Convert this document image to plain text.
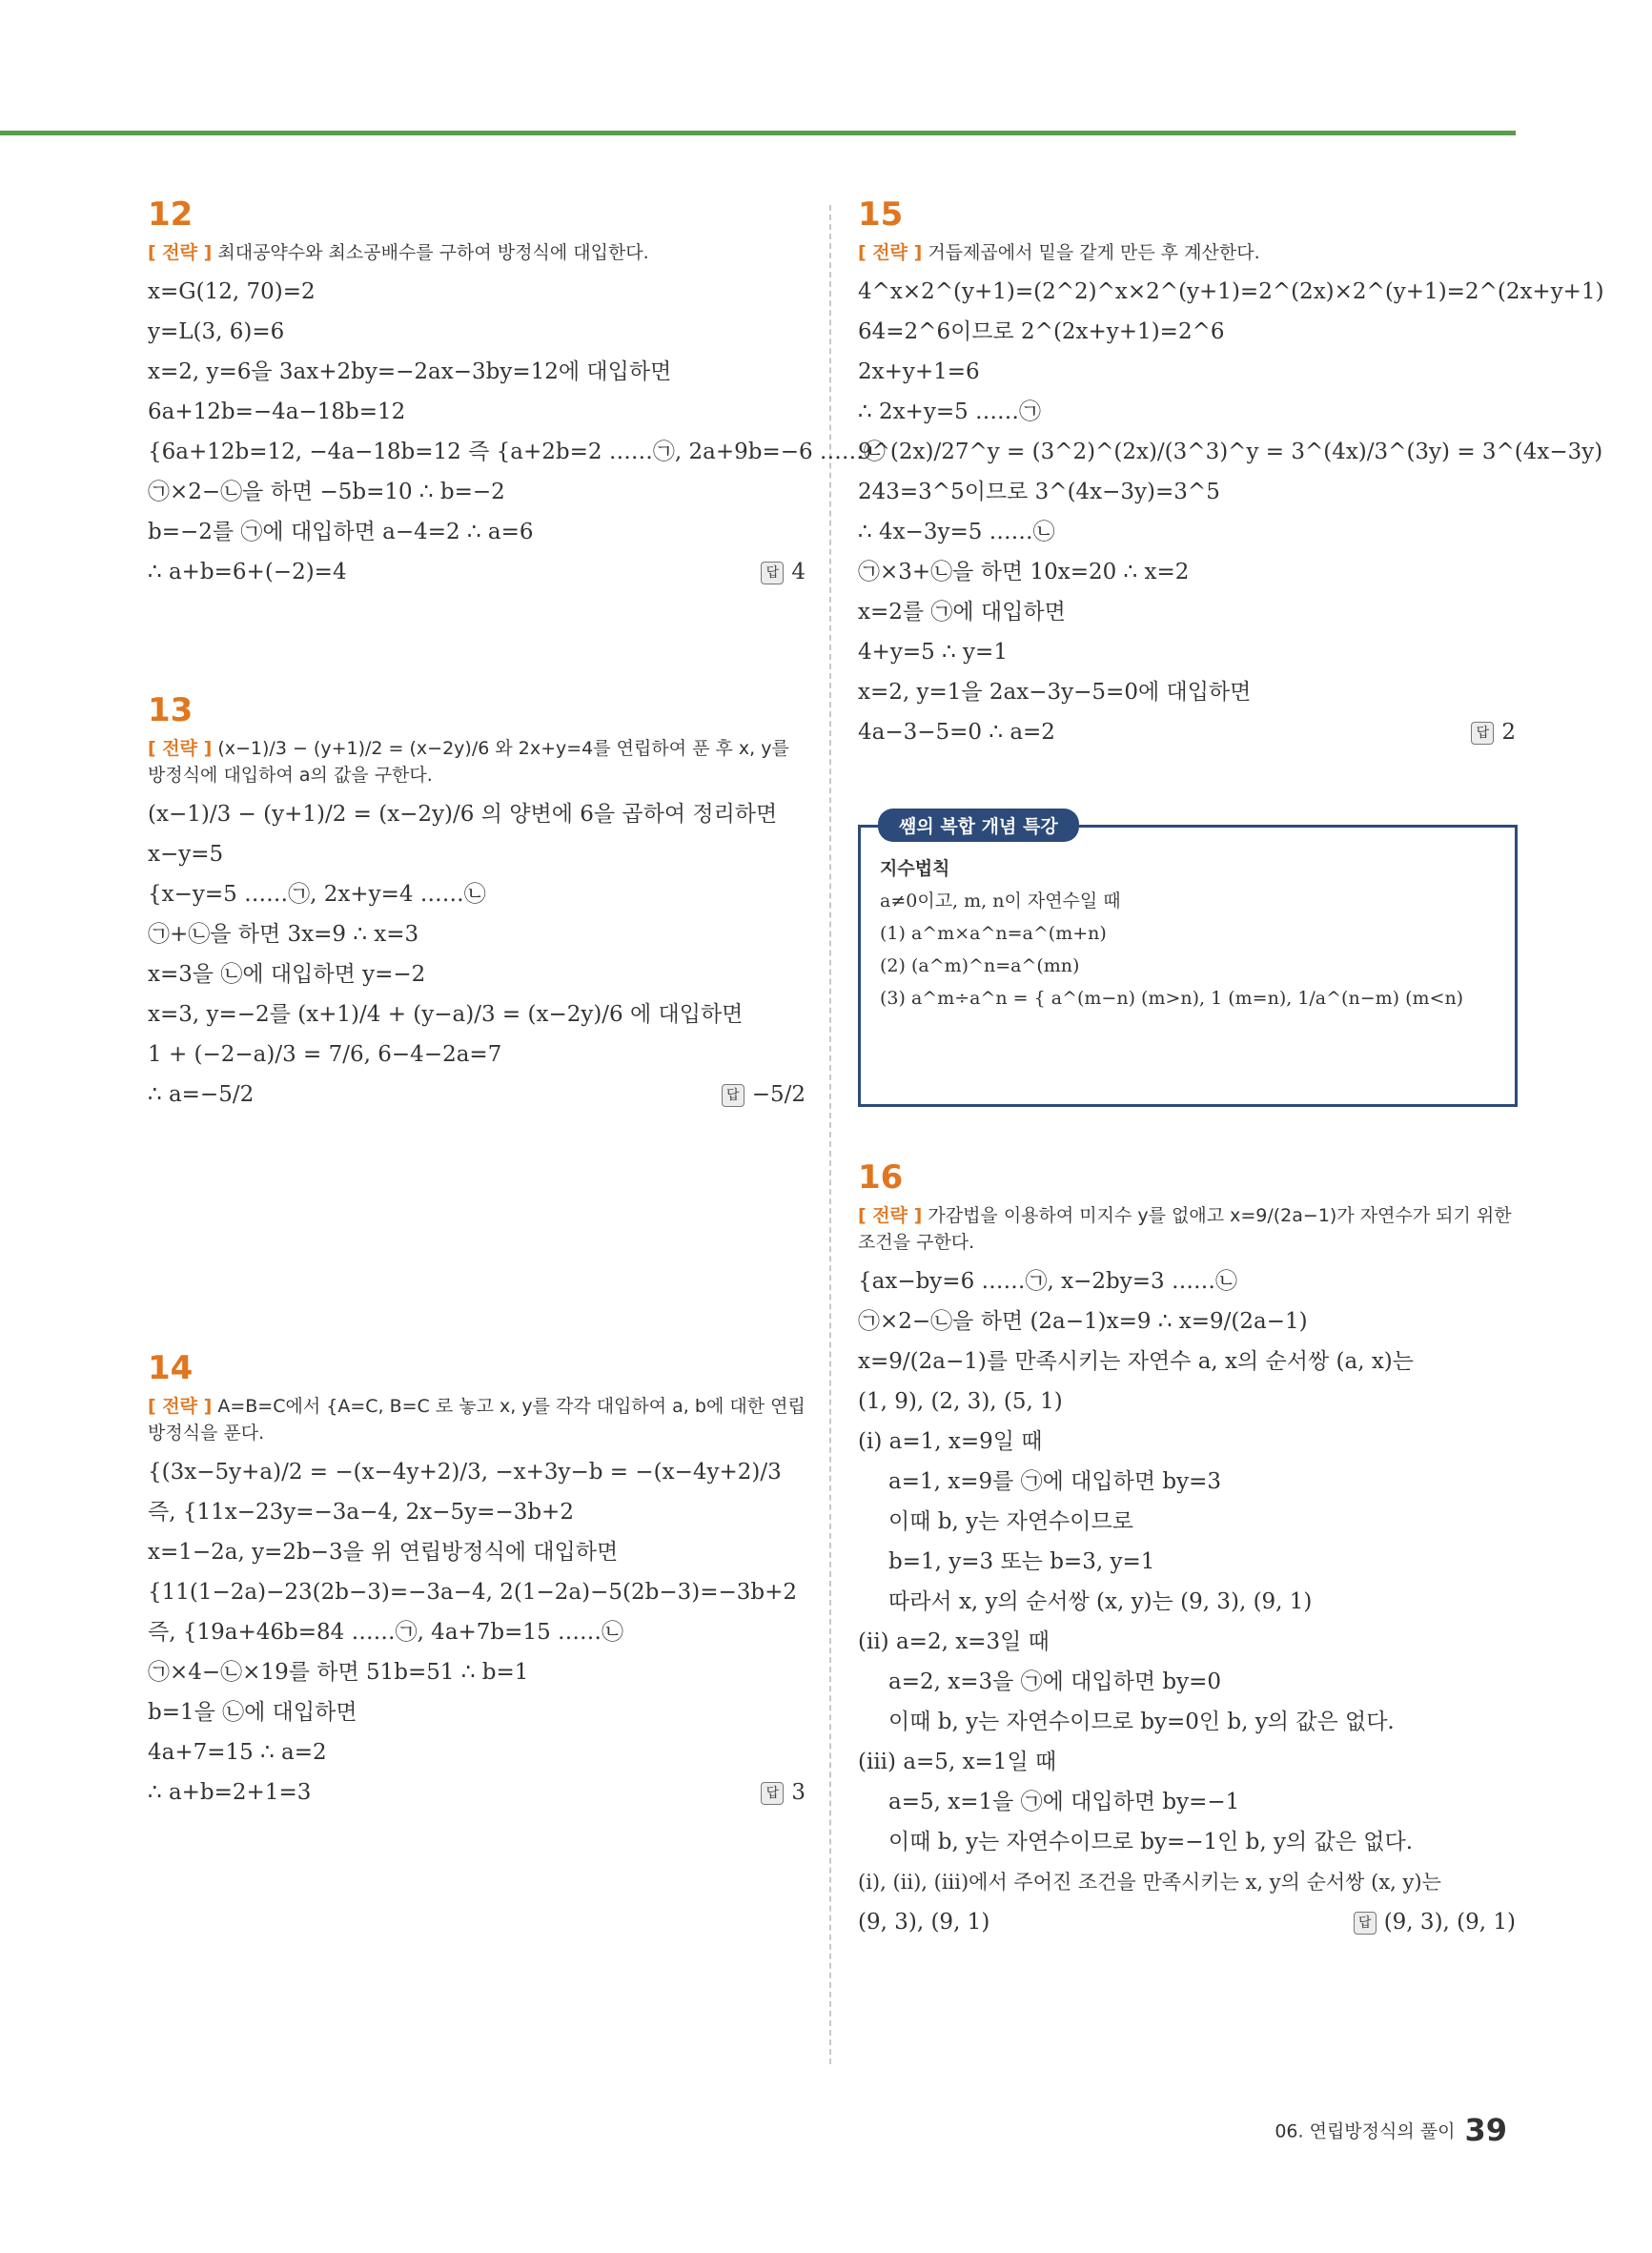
12
[ 전략 ] 최대공약수와 최소공배수를 구하여 방정식에 대입한다.
x=G(12, 70)=2
y=L(3, 6)=6
x=2, y=6을 3ax+2by=−2ax−3by=12에 대입하면
6a+12b=−4a−18b=12
{6a+12b=12, −4a−18b=12 즉 {a+2b=2 ……㉠, 2a+9b=−6 ……㉡
㉠×2−㉡을 하면 −5b=10 ∴ b=−2
b=−2를 ㉠에 대입하면 a−4=2 ∴ a=6
∴ a+b=6+(−2)=4	답 4
13
[ 전략 ] (x−1)/3 − (y+1)/2 = (x−2y)/6 와 2x+y=4를 연립하여 푼 후 x, y를 방정식에 대입하여 a의 값을 구한다.
(x−1)/3 − (y+1)/2 = (x−2y)/6 의 양변에 6을 곱하여 정리하면
x−y=5
{x−y=5 ……㉠, 2x+y=4 ……㉡
㉠+㉡을 하면 3x=9 ∴ x=3
x=3을 ㉡에 대입하면 y=−2
x=3, y=−2를 (x+1)/4 + (y−a)/3 = (x−2y)/6 에 대입하면
1 + (−2−a)/3 = 7/6, 6−4−2a=7
∴ a=−5/2	답 −5/2
14
[ 전략 ] A=B=C에서 {A=C, B=C 로 놓고 x, y를 각각 대입하여 a, b에 대한 연립방정식을 푼다.
{(3x−5y+a)/2 = −(x−4y+2)/3, −x+3y−b = −(x−4y+2)/3
즉, {11x−23y=−3a−4, 2x−5y=−3b+2
x=1−2a, y=2b−3을 위 연립방정식에 대입하면
{11(1−2a)−23(2b−3)=−3a−4, 2(1−2a)−5(2b−3)=−3b+2
즉, {19a+46b=84 ……㉠, 4a+7b=15 ……㉡
㉠×4−㉡×19를 하면 51b=51 ∴ b=1
b=1을 ㉡에 대입하면
4a+7=15 ∴ a=2
∴ a+b=2+1=3	답 3
15
[ 전략 ] 거듭제곱에서 밑을 같게 만든 후 계산한다.
4^x×2^(y+1)=(2^2)^x×2^(y+1)=2^(2x)×2^(y+1)=2^(2x+y+1)
64=2^6이므로 2^(2x+y+1)=2^6
2x+y+1=6
∴ 2x+y=5 ……㉠
9^(2x)/27^y = (3^2)^(2x)/(3^3)^y = 3^(4x)/3^(3y) = 3^(4x−3y)
243=3^5이므로 3^(4x−3y)=3^5
∴ 4x−3y=5 ……㉡
㉠×3+㉡을 하면 10x=20 ∴ x=2
x=2를 ㉠에 대입하면
4+y=5 ∴ y=1
x=2, y=1을 2ax−3y−5=0에 대입하면
4a−3−5=0 ∴ a=2	답 2
쌤의 복합 개념 특강
지수법칙
a≠0이고, m, n이 자연수일 때
(1) a^m×a^n=a^(m+n)
(2) (a^m)^n=a^(mn)
(3) a^m÷a^n = { a^(m−n) (m>n), 1 (m=n), 1/a^(n−m) (m<n)
16
[ 전략 ] 가감법을 이용하여 미지수 y를 없애고 x=9/(2a−1)가 자연수가 되기 위한 조건을 구한다.
{ax−by=6 ……㉠, x−2by=3 ……㉡
㉠×2−㉡을 하면 (2a−1)x=9 ∴ x=9/(2a−1)
x=9/(2a−1)를 만족시키는 자연수 a, x의 순서쌍 (a, x)는
(1, 9), (2, 3), (5, 1)
(i) a=1, x=9일 때
a=1, x=9를 ㉠에 대입하면 by=3
이때 b, y는 자연수이므로
b=1, y=3 또는 b=3, y=1
따라서 x, y의 순서쌍 (x, y)는 (9, 3), (9, 1)
(ii) a=2, x=3일 때
a=2, x=3을 ㉠에 대입하면 by=0
이때 b, y는 자연수이므로 by=0인 b, y의 값은 없다.
(iii) a=5, x=1일 때
a=5, x=1을 ㉠에 대입하면 by=−1
이때 b, y는 자연수이므로 by=−1인 b, y의 값은 없다.
(i), (ii), (iii)에서 주어진 조건을 만족시키는 x, y의 순서쌍 (x, y)는
(9, 3), (9, 1)	답 (9, 3), (9, 1)
06. 연립방정식의 풀이 39
